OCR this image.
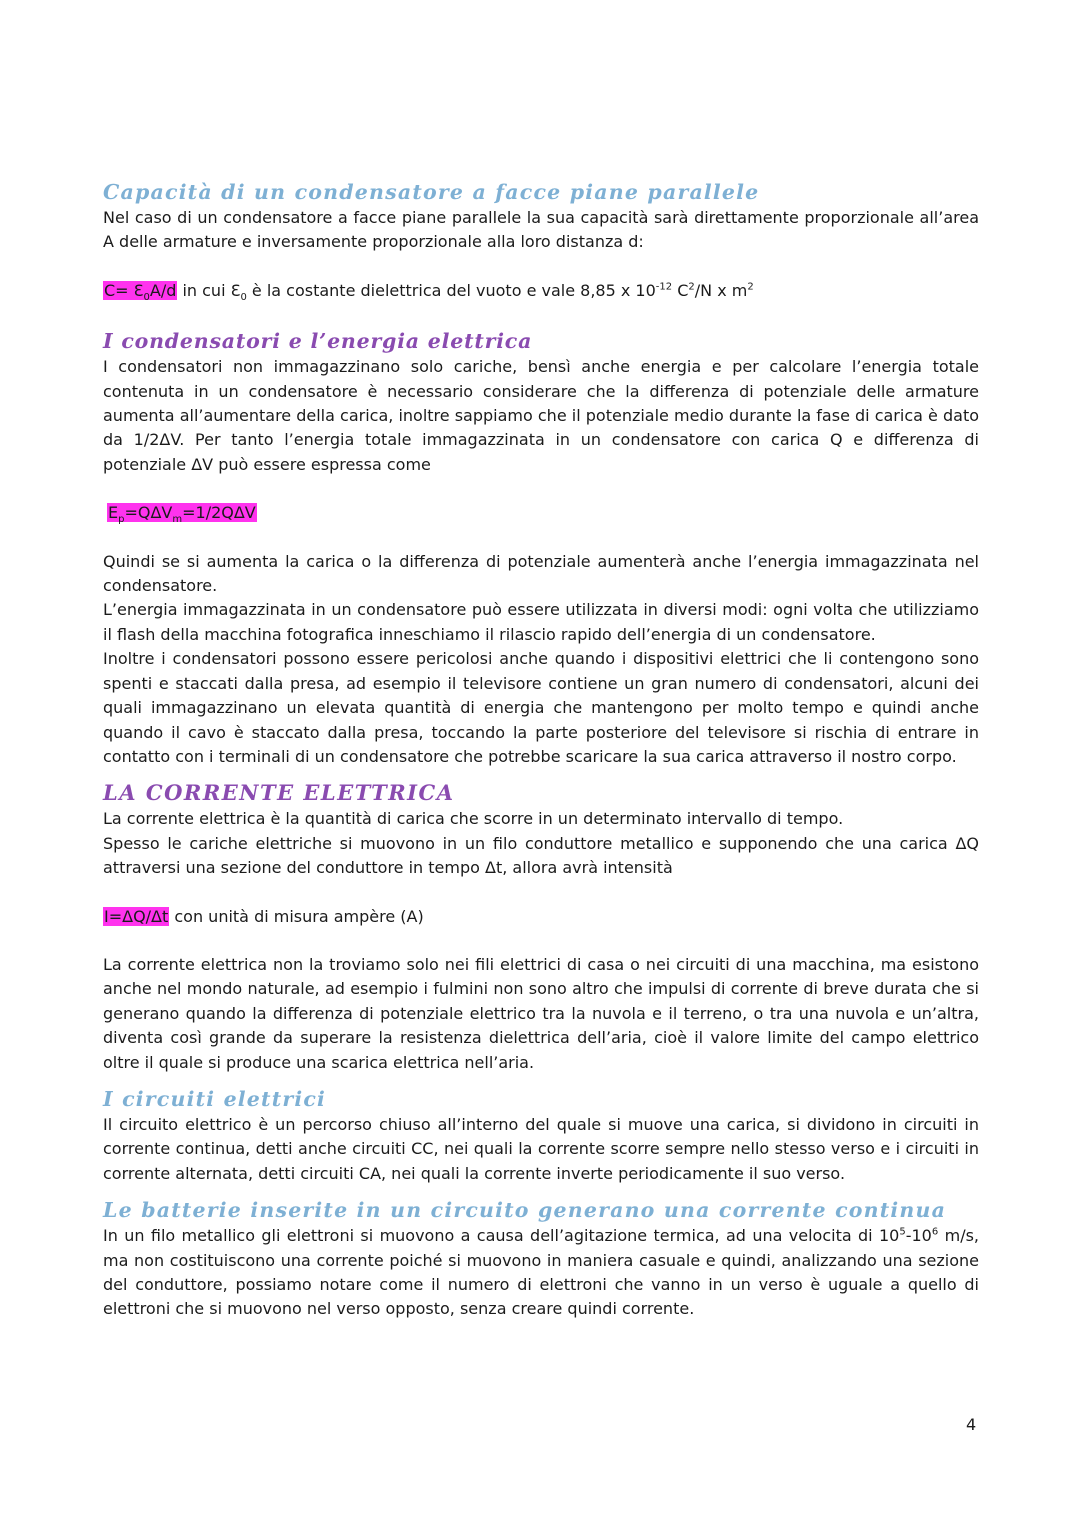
Capacità di un condensatore a facce piane parallele

Nel caso di un condensatore a facce piane parallele la sua capacità sarà direttamente proporzionale all’area A delle armature e inversamente proporzionale alla loro distanza d:

$C= Ɛ_0A/d$ in cui $Ɛ_0$ è la costante dielettrica del vuoto e vale 8,85 x $10^{-12}$ $C^2/N$ x $m^2$

I condensatori e l’energia elettrica

I condensatori non immagazzinano solo cariche, bensì anche energia e per calcolare l’energia totale contenuta in un condensatore è necessario considerare che la differenza di potenziale delle armature aumenta all’aumentare della carica, inoltre sappiamo che il potenziale medio durante la fase di carica è dato da 1/2ΔV. Per tanto l’energia totale immagazzinata in un condensatore con carica Q e differenza di potenziale ΔV può essere espressa come

$E_p=Q\Delta V_m=1/2Q\Delta V$

Quindi se si aumenta la carica o la differenza di potenziale aumenterà anche l’energia immagazzinata nel condensatore.

L’energia immagazzinata in un condensatore può essere utilizzata in diversi modi: ogni volta che utilizziamo il flash della macchina fotografica inneschiamo il rilascio rapido dell’energia di un condensatore.

Inoltre i condensatori possono essere pericolosi anche quando i dispositivi elettrici che li contengono sono spenti e staccati dalla presa, ad esempio il televisore contiene un gran numero di condensatori, alcuni dei quali immagazzinano un elevata quantità di energia che mantengono per molto tempo e quindi anche quando il cavo è staccato dalla presa, toccando la parte posteriore del televisore si rischia di entrare in contatto con i terminali di un condensatore che potrebbe scaricare la sua carica attraverso il nostro corpo.

LA CORRENTE ELETTRICA

La corrente elettrica è la quantità di carica che scorre in un determinato intervallo di tempo.

Spesso le cariche elettriche si muovono in un filo conduttore metallico e supponendo che una carica ΔQ attraversi una sezione del conduttore in tempo Δt, allora avrà intensità

I=ΔQ/Δt con unità di misura ampère (A)

La corrente elettrica non la troviamo solo nei fili elettrici di casa o nei circuiti di una macchina, ma esistono anche nel mondo naturale, ad esempio i fulmini non sono altro che impulsi di corrente di breve durata che si generano quando la differenza di potenziale elettrico tra la nuvola e il terreno, o tra una nuvola e un’altra, diventa così grande da superare la resistenza dielettrica dell’aria, cioè il valore limite del campo elettrico oltre il quale si produce una scarica elettrica nell’aria.

I circuiti elettrici

Il circuito elettrico è un percorso chiuso all’interno del quale si muove una carica, si dividono in circuiti in corrente continua, detti anche circuiti CC, nei quali la corrente scorre sempre nello stesso verso e i circuiti in corrente alternata, detti circuiti CA, nei quali la corrente inverte periodicamente il suo verso.

Le batterie inserite in un circuito generano una corrente continua

In un filo metallico gli elettroni si muovono a causa dell’agitazione termica, ad una velocita di $10^5-10^6$ m/s, ma non costituiscono una corrente poiché si muovono in maniera casuale e quindi, analizzando una sezione del conduttore, possiamo notare come il numero di elettroni che vanno in un verso è uguale a quello di elettroni che si muovono nel verso opposto, senza creare quindi corrente.

4
